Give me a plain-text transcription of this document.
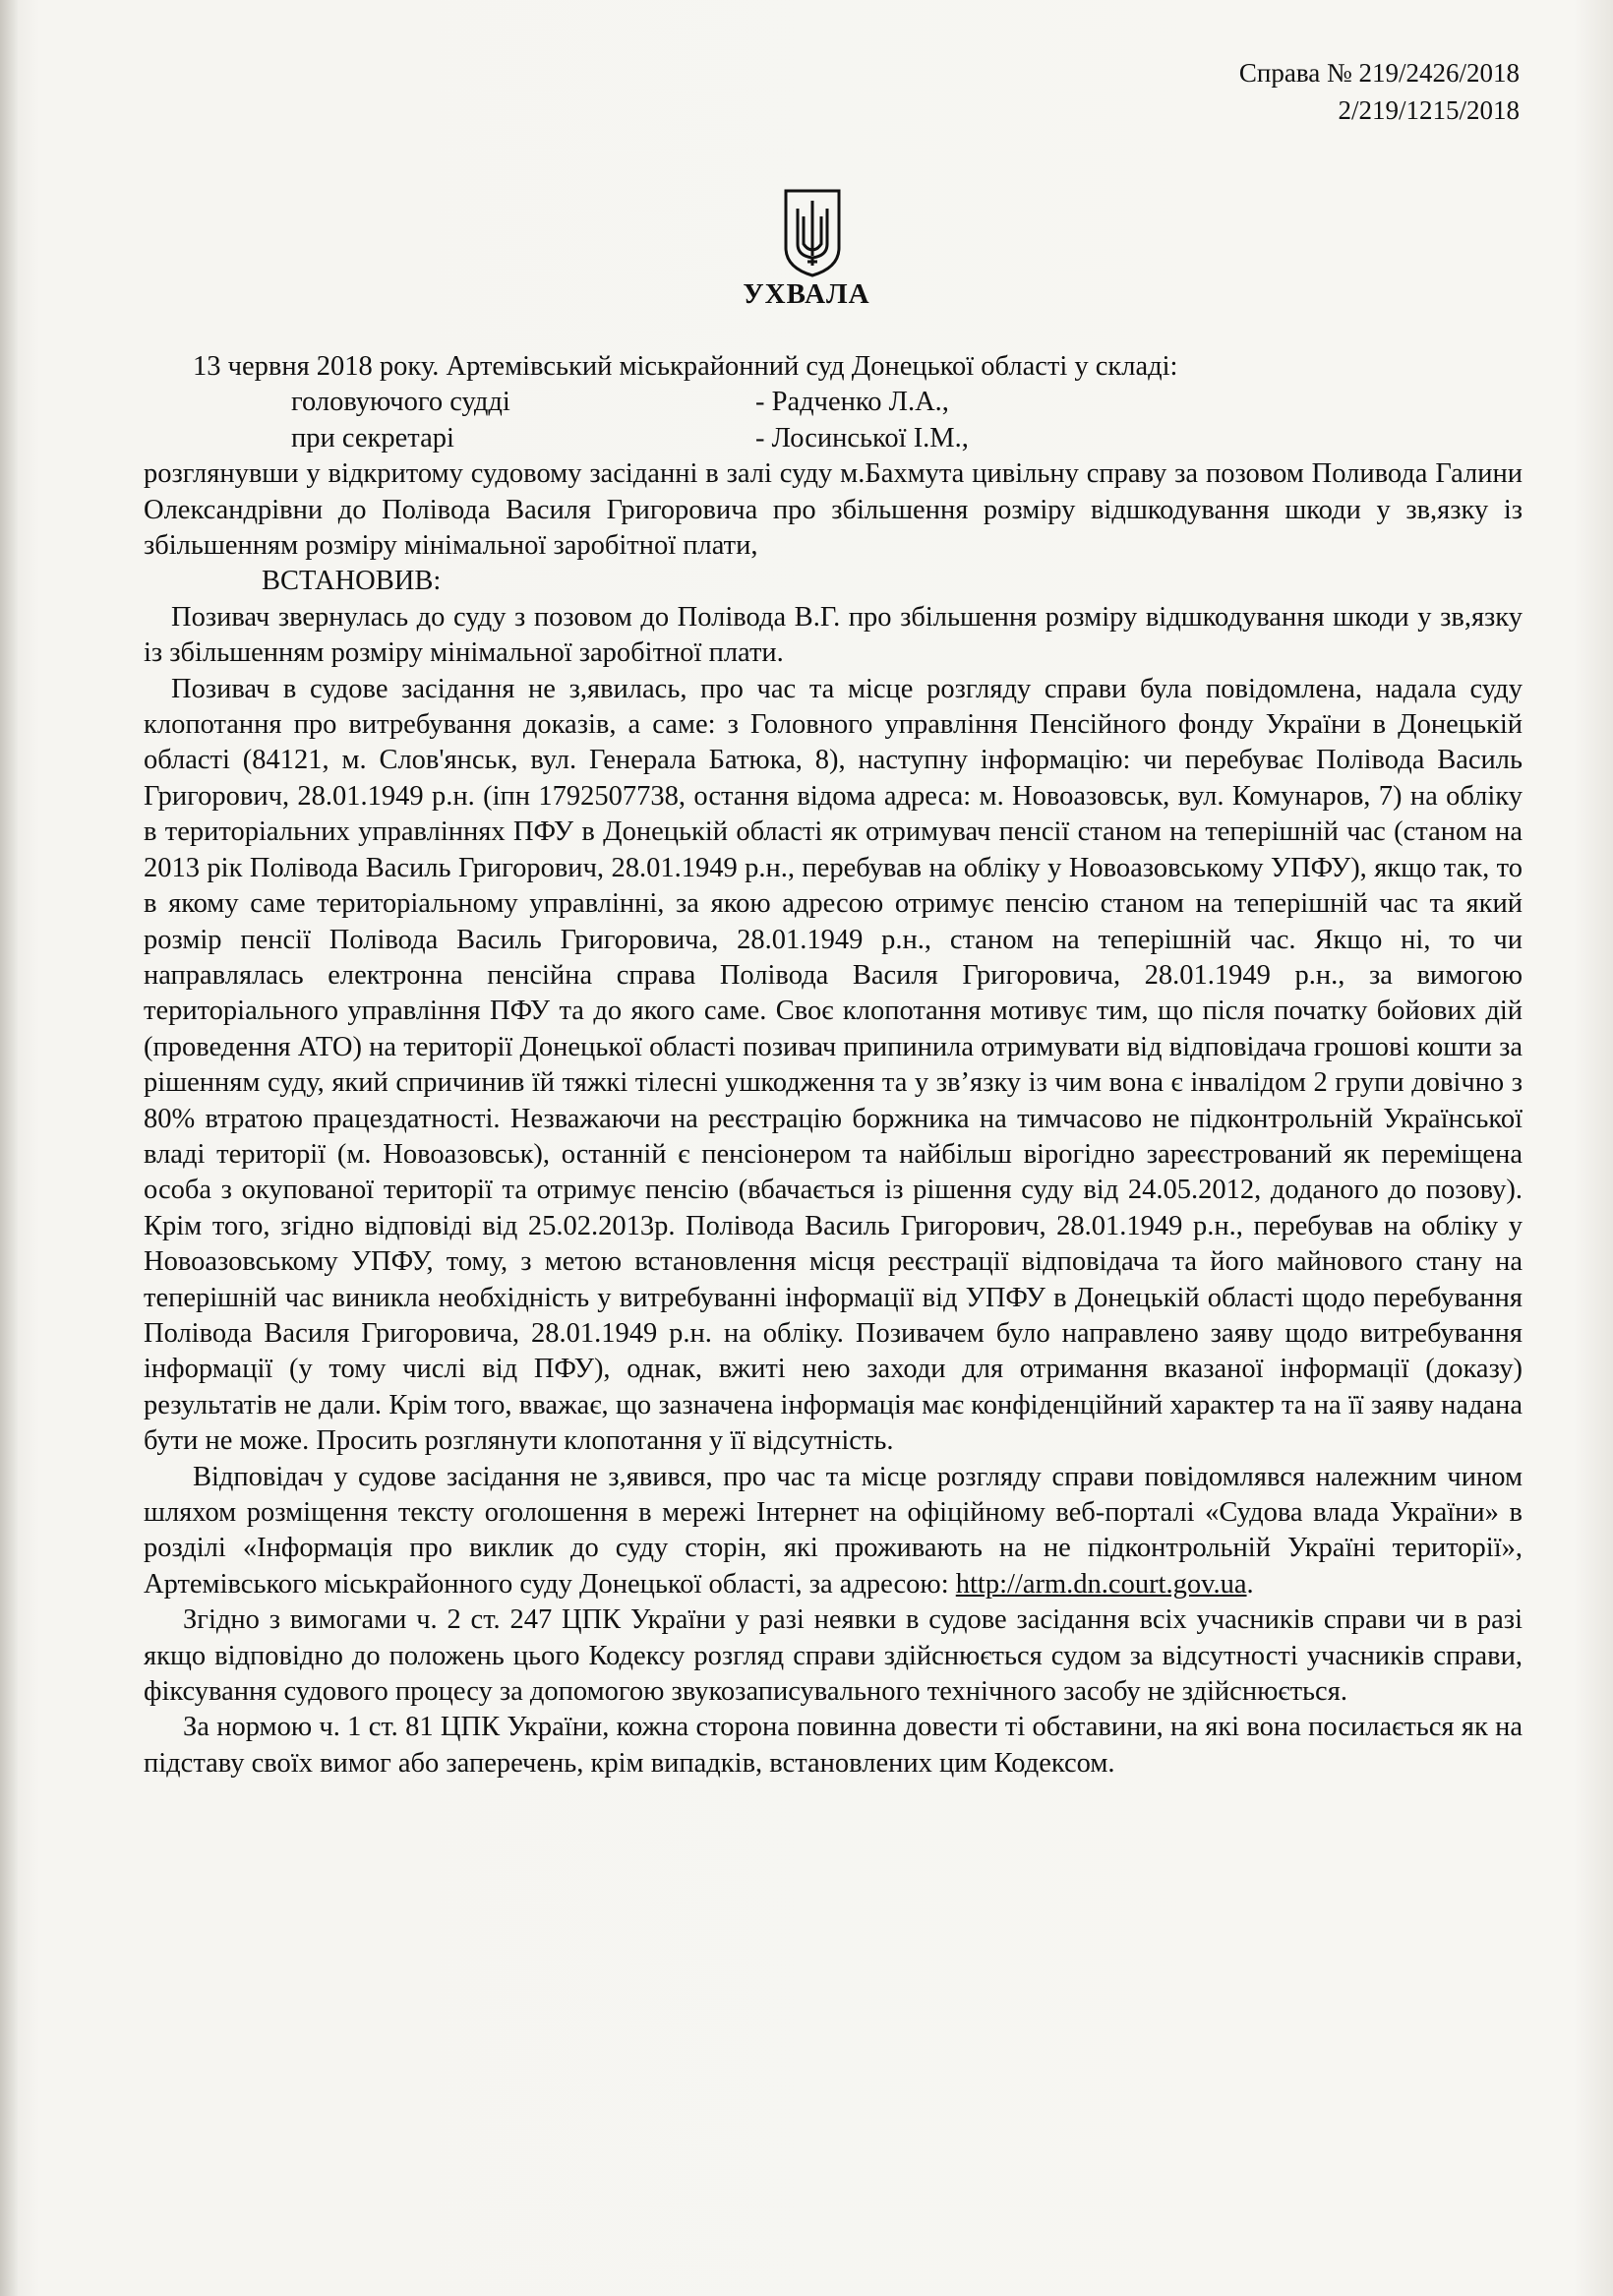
Справа № 219/2426/2018
2/219/1215/2018
УХВАЛА

13 червня 2018 року. Артемівський міськрайонний суд Донецької області у складі:

головуючого судді	- Радченко Л.А.,
при секретарі	- Лосинської І.М.,

розглянувши у відкритому судовому засіданні в залі суду м.Бахмута цивільну справу за позовом Поливода Галини Олександрівни до Полівода Василя Григоровича про збільшення розміру відшкодування шкоди у зв,язку із збільшенням розміру мінімальної заробітної плати,

ВСТАНОВИВ:

Позивач звернулась до суду з позовом до Полівода В.Г. про збільшення розміру відшкодування шкоди у зв,язку із збільшенням розміру мінімальної заробітної плати.

Позивач в судове засідання не з,явилась, про час та місце розгляду справи була повідомлена, надала суду клопотання про витребування доказів, а саме: з Головного управління Пенсійного фонду України в Донецькій області (84121, м. Слов'янськ, вул. Генерала Батюка, 8), наступну інформацію: чи перебуває Полівода Василь Григорович, 28.01.1949 р.н. (іпн 1792507738, остання відома адреса: м. Новоазовськ, вул. Комунаров, 7) на обліку в територіальних управліннях ПФУ в Донецькій області як отримувач пенсії станом на теперішній час (станом на 2013 рік Полівода Василь Григорович, 28.01.1949 р.н., перебував на обліку у Новоазовському УПФУ), якщо так, то в якому саме територіальному управлінні, за якою адресою отримує пенсію станом на теперішній час та який розмір пенсії Полівода Василь Григоровича, 28.01.1949 р.н., станом на теперішній час. Якщо ні, то чи направлялась електронна пенсійна справа Полівода Василя Григоровича, 28.01.1949 р.н., за вимогою територіального управління ПФУ та до якого саме. Своє клопотання мотивує тим, що після початку бойових дій (проведення АТО) на території Донецької області позивач припинила отримувати від відповідача грошові кошти за рішенням суду, який спричинив їй тяжкі тілесні ушкодження та у зв’язку із чим вона є інвалідом 2 групи довічно з 80% втратою працездатності. Незважаючи на реєстрацію боржника на тимчасово не підконтрольній Української владі території (м. Новоазовськ), останній є пенсіонером та найбільш вірогідно зареєстрований як переміщена особа з окупованої території та отримує пенсію (вбачається із рішення суду від 24.05.2012, доданого до позову). Крім того, згідно відповіді від 25.02.2013р. Полівода Василь Григорович, 28.01.1949 р.н., перебував на обліку у Новоазовському УПФУ, тому, з метою встановлення місця реєстрації відповідача та його майнового стану на теперішній час виникла необхідність у витребуванні інформації від УПФУ в Донецькій області щодо перебування Полівода Василя Григоровича, 28.01.1949 р.н. на обліку. Позивачем було направлено заяву щодо витребування інформації (у тому числі від ПФУ), однак, вжиті нею заходи для отримання вказаної інформації (доказу) результатів не дали. Крім того, вважає, що зазначена інформація має конфіденційний характер та на її заяву надана бути не може. Просить розглянути клопотання у її відсутність.

Відповідач у судове засідання не з,явився, про час та місце розгляду справи повідомлявся належним чином шляхом розміщення тексту оголошення в мережі Інтернет на офіційному веб-порталі «Судова влада України» в розділі «Інформація про виклик до суду сторін, які проживають на не підконтрольній Україні території», Артемівського міськрайонного суду Донецької області, за адресою: http://arm.dn.court.gov.ua.

Згідно з вимогами ч. 2 ст. 247 ЦПК України у разі неявки в судове засідання всіх учасників справи чи в разі якщо відповідно до положень цього Кодексу розгляд справи здійснюється судом за відсутності учасників справи, фіксування судового процесу за допомогою звукозаписувального технічного засобу не здійснюється.

За нормою ч. 1 ст. 81 ЦПК України, кожна сторона повинна довести ті обставини, на які вона посилається як на підставу своїх вимог або заперечень, крім випадків, встановлених цим Кодексом.
